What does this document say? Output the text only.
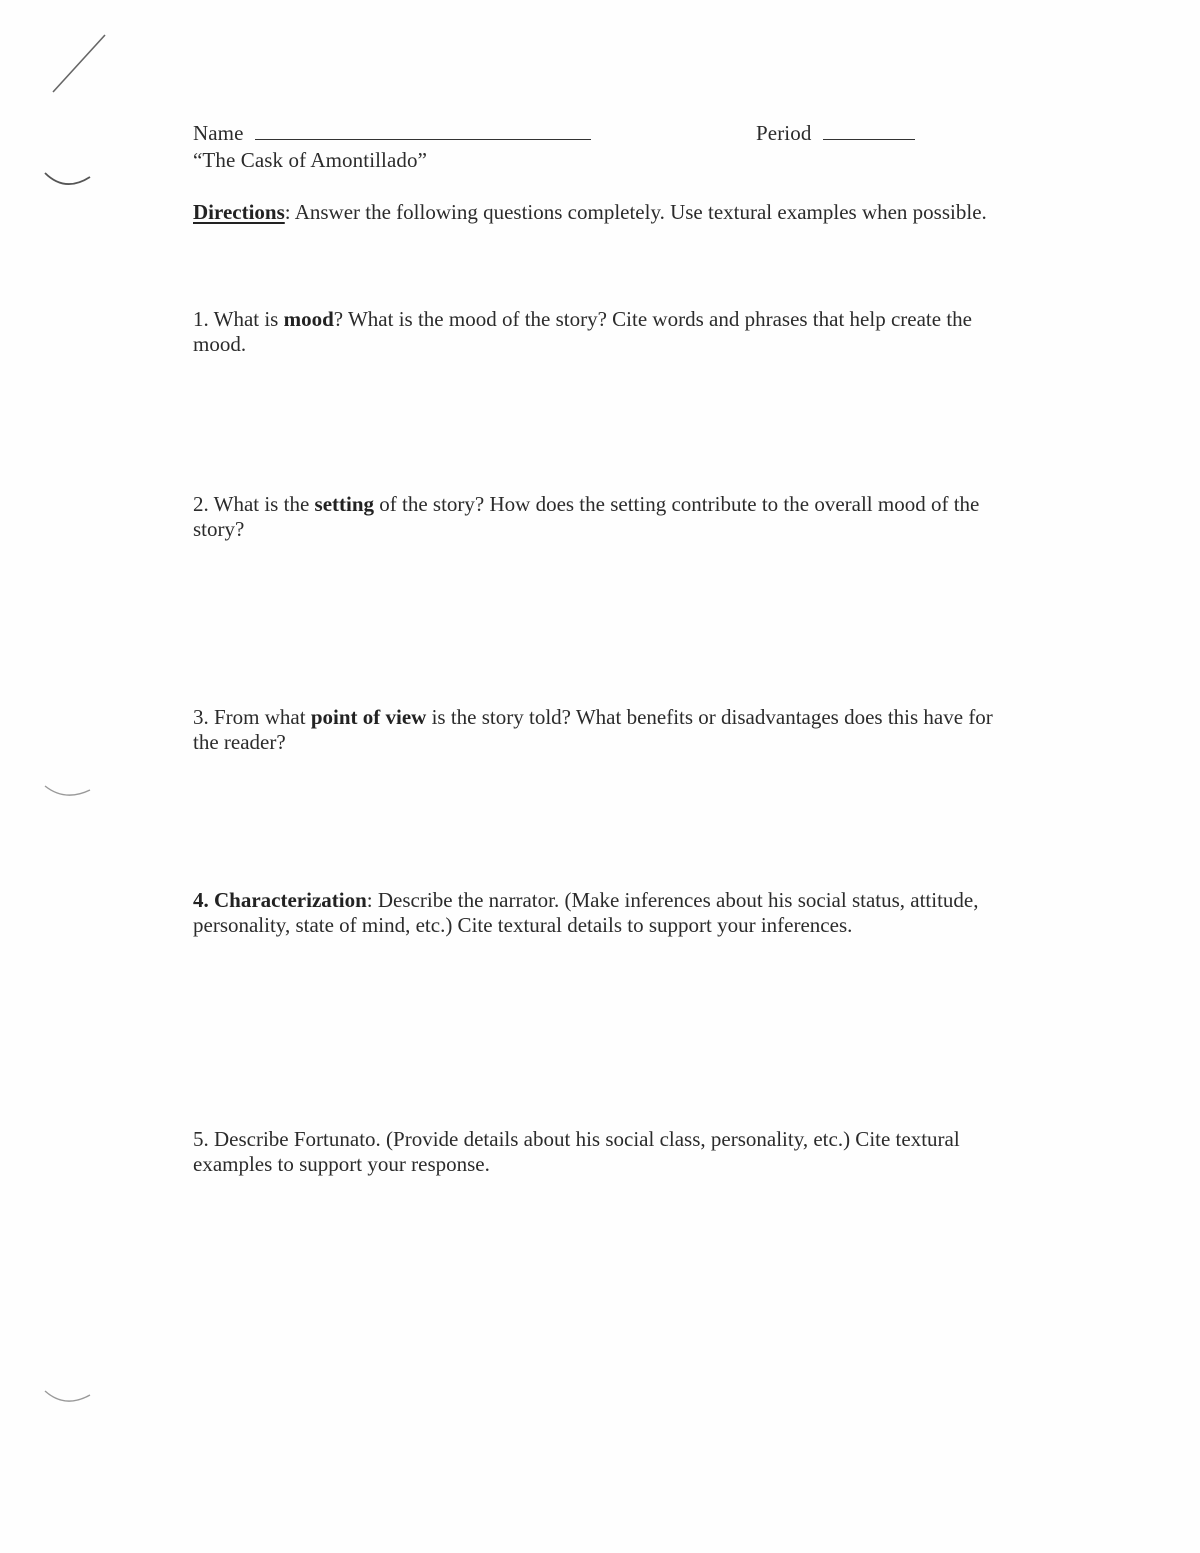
Name	Period
“The Cask of Amontillado”
Directions: Answer the following questions completely. Use textural examples when possible.
1. What is mood? What is the mood of the story? Cite words and phrases that help create the mood.
2. What is the setting of the story? How does the setting contribute to the overall mood of the story?
3. From what point of view is the story told? What benefits or disadvantages does this have for the reader?
4. Characterization: Describe the narrator. (Make inferences about his social status, attitude, personality, state of mind, etc.) Cite textural details to support your inferences.
5. Describe Fortunato. (Provide details about his social class, personality, etc.) Cite textural examples to support your response.
